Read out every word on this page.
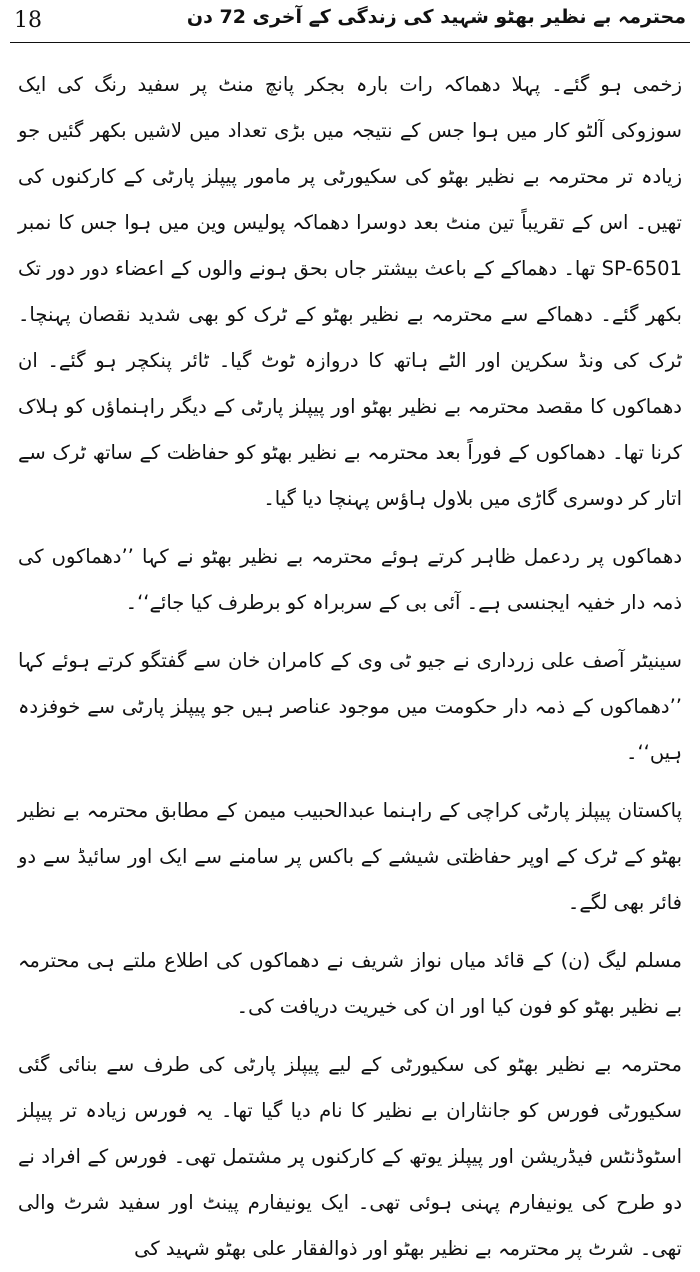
18	محترمہ بے نظیر بھٹو شہید کی زندگی کے آخری 72 دن

زخمی ہو گئے۔ پہلا دھماکہ رات بارہ بجکر پانچ منٹ پر سفید رنگ کی ایک سوزوکی آلٹو کار میں ہوا جس کے نتیجہ میں بڑی تعداد میں لاشیں بکھر گئیں جو زیادہ تر محترمہ بے نظیر بھٹو کی سکیورٹی پر مامور پیپلز پارٹی کے کارکنوں کی تھیں۔ اس کے تقریباً تین منٹ بعد دوسرا دھماکہ پولیس وین میں ہوا جس کا نمبر SP-6501 تھا۔ دھماکے کے باعث بیشتر جاں بحق ہونے والوں کے اعضاء دور دور تک بکھر گئے۔ دھماکے سے محترمہ بے نظیر بھٹو کے ٹرک کو بھی شدید نقصان پہنچا۔ ٹرک کی ونڈ سکرین اور الٹے ہاتھ کا دروازہ ٹوٹ گیا۔ ٹائر پنکچر ہو گئے۔ ان دھماکوں کا مقصد محترمہ بے نظیر بھٹو اور پیپلز پارٹی کے دیگر راہنماؤں کو ہلاک کرنا تھا۔ دھماکوں کے فوراً بعد محترمہ بے نظیر بھٹو کو حفاظت کے ساتھ ٹرک سے اتار کر دوسری گاڑی میں بلاول ہاؤس پہنچا دیا گیا۔

دھماکوں پر ردعمل ظاہر کرتے ہوئے محترمہ بے نظیر بھٹو نے کہا ’’دھماکوں کی ذمہ دار خفیہ ایجنسی ہے۔ آئی بی کے سربراہ کو برطرف کیا جائے‘‘۔

سینیٹر آصف علی زرداری نے جیو ٹی وی کے کامران خان سے گفتگو کرتے ہوئے کہا ’’دھماکوں کے ذمہ دار حکومت میں موجود عناصر ہیں جو پیپلز پارٹی سے خوفزدہ ہیں‘‘۔

پاکستان پیپلز پارٹی کراچی کے راہنما عبدالحبیب میمن کے مطابق محترمہ بے نظیر بھٹو کے ٹرک کے اوپر حفاظتی شیشے کے باکس پر سامنے سے ایک اور سائیڈ سے دو فائر بھی لگے۔

مسلم لیگ (ن) کے قائد میاں نواز شریف نے دھماکوں کی اطلاع ملتے ہی محترمہ بے نظیر بھٹو کو فون کیا اور ان کی خیریت دریافت کی۔

محترمہ بے نظیر بھٹو کی سکیورٹی کے لیے پیپلز پارٹی کی طرف سے بنائی گئی سکیورٹی فورس کو جانثاران بے نظیر کا نام دیا گیا تھا۔ یہ فورس زیادہ تر پیپلز اسٹوڈنٹس فیڈریشن اور پیپلز یوتھ کے کارکنوں پر مشتمل تھی۔ فورس کے افراد نے دو طرح کی یونیفارم پہنی ہوئی تھی۔ ایک یونیفارم پینٹ اور سفید شرٹ والی تھی۔ شرٹ پر محترمہ بے نظیر بھٹو اور ذوالفقار علی بھٹو شہید کی
